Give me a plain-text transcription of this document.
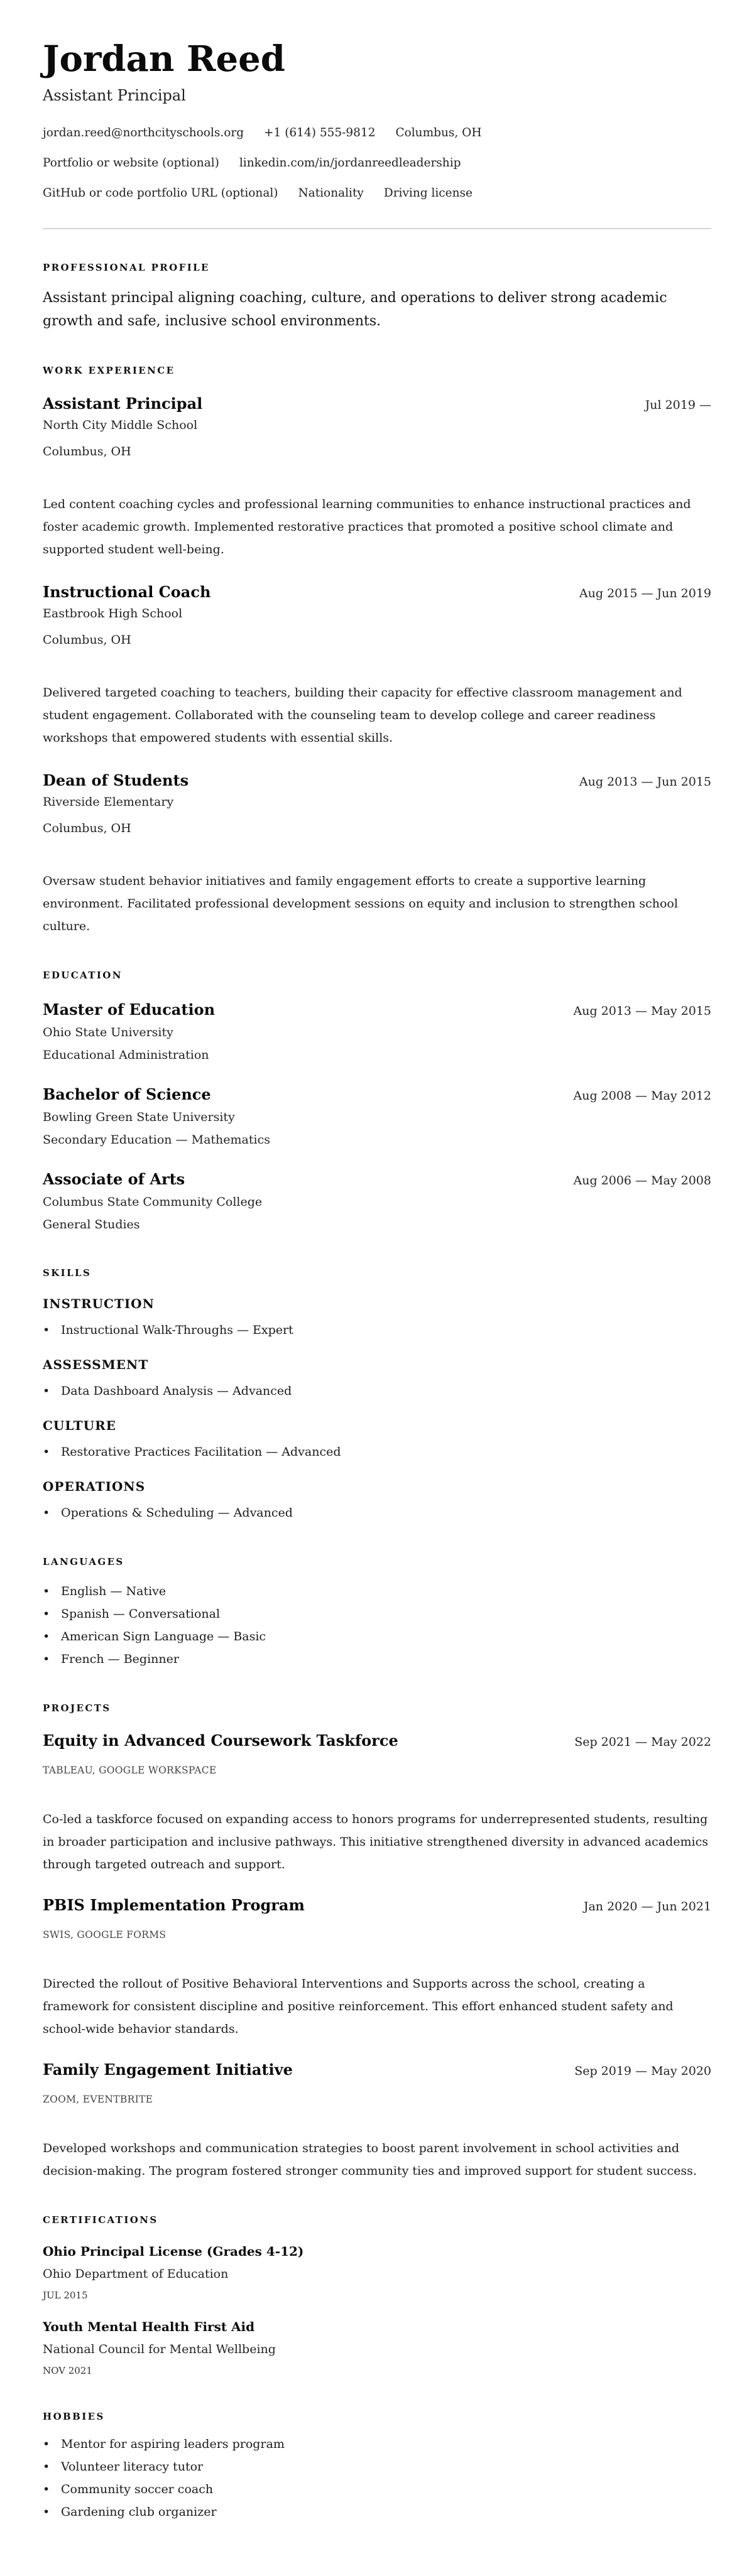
Jordan Reed
Assistant Principal
jordan.reed@northcityschools.org +1 (614) 555-9812 Columbus, OH
Portfolio or website (optional) linkedin.com/in/jordanreedleadership
GitHub or code portfolio URL (optional) Nationality Driving license
PROFESSIONAL PROFILE

Assistant principal aligning coaching, culture, and operations to deliver strong academic growth and safe, inclusive school environments.

WORK EXPERIENCE
Assistant Principal	Jul 2019 —
North City Middle School
Columbus, OH

Led content coaching cycles and professional learning communities to enhance instructional practices and foster academic growth. Implemented restorative practices that promoted a positive school climate and supported student well-being.

Instructional Coach	Aug 2015 — Jun 2019
Eastbrook High School
Columbus, OH

Delivered targeted coaching to teachers, building their capacity for effective classroom management and student engagement. Collaborated with the counseling team to develop college and career readiness workshops that empowered students with essential skills.

Dean of Students	Aug 2013 — Jun 2015
Riverside Elementary
Columbus, OH

Oversaw student behavior initiatives and family engagement efforts to create a supportive learning environment. Facilitated professional development sessions on equity and inclusion to strengthen school culture.

EDUCATION
Master of Education	Aug 2013 — May 2015
Ohio State University
Educational Administration
Bachelor of Science	Aug 2008 — May 2012
Bowling Green State University
Secondary Education — Mathematics
Associate of Arts	Aug 2006 — May 2008
Columbus State Community College
General Studies
SKILLS
INSTRUCTION
• Instructional Walk-Throughs — Expert
ASSESSMENT
• Data Dashboard Analysis — Advanced
CULTURE
• Restorative Practices Facilitation — Advanced
OPERATIONS
• Operations & Scheduling — Advanced
LANGUAGES
• English — Native
• Spanish — Conversational
• American Sign Language — Basic
• French — Beginner
PROJECTS
Equity in Advanced Coursework Taskforce	Sep 2021 — May 2022
TABLEAU, GOOGLE WORKSPACE

Co-led a taskforce focused on expanding access to honors programs for underrepresented students, resulting in broader participation and inclusive pathways. This initiative strengthened diversity in advanced academics through targeted outreach and support.

PBIS Implementation Program	Jan 2020 — Jun 2021
SWIS, GOOGLE FORMS

Directed the rollout of Positive Behavioral Interventions and Supports across the school, creating a framework for consistent discipline and positive reinforcement. This effort enhanced student safety and school-wide behavior standards.

Family Engagement Initiative	Sep 2019 — May 2020
ZOOM, EVENTBRITE

Developed workshops and communication strategies to boost parent involvement in school activities and decision-making. The program fostered stronger community ties and improved support for student success.

CERTIFICATIONS
Ohio Principal License (Grades 4-12)
Ohio Department of Education
JUL 2015
Youth Mental Health First Aid
National Council for Mental Wellbeing
NOV 2021
HOBBIES
• Mentor for aspiring leaders program
• Volunteer literacy tutor
• Community soccer coach
• Gardening club organizer
